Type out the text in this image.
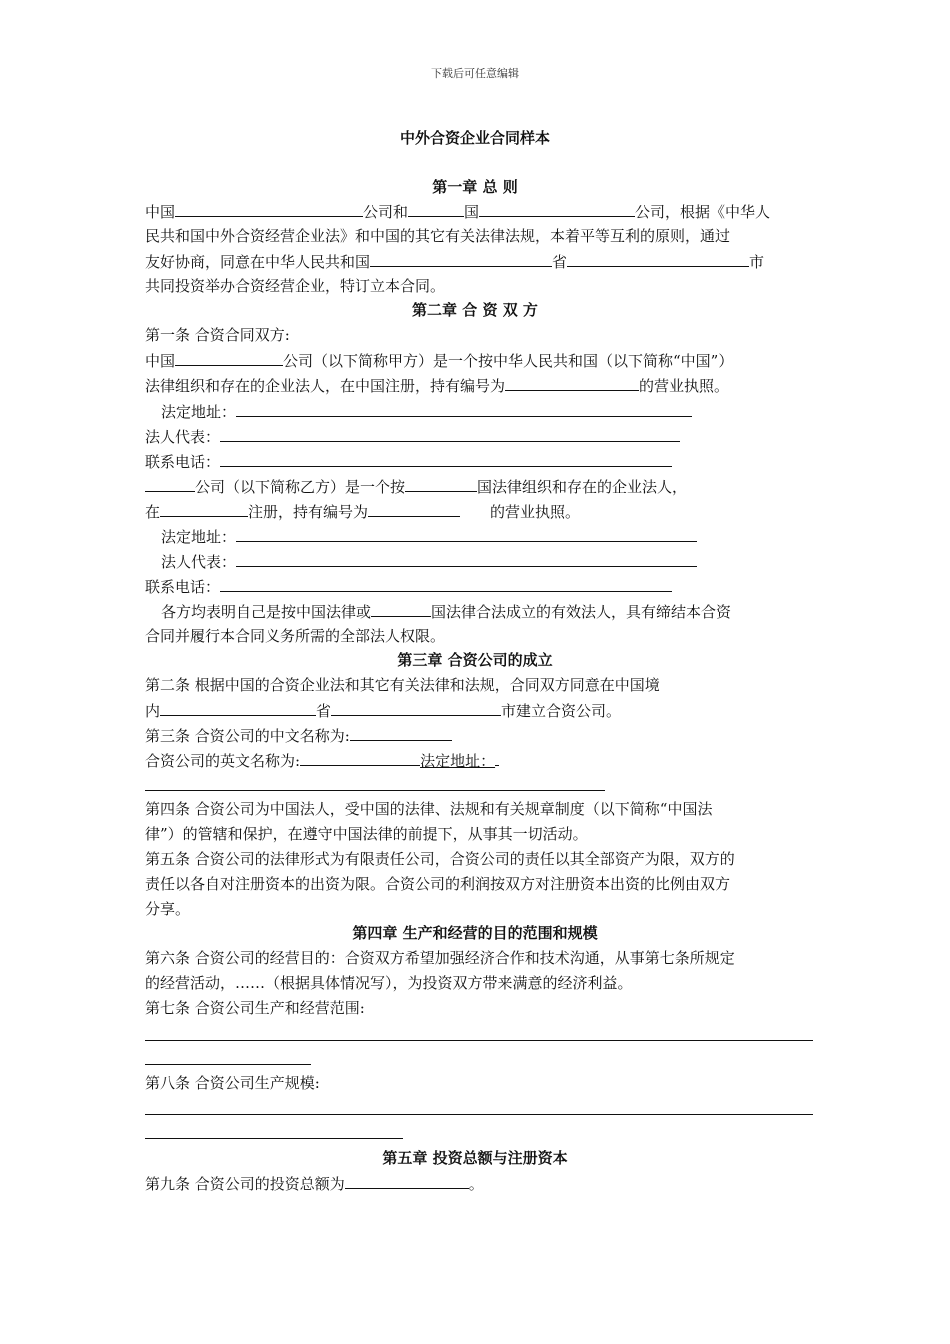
下载后可任意编辑
中外合资企业合同样本
第一章 总 则
中国	公司和	国	公司，根据《中华人
民共和国中外合资经营企业法》和中国的其它有关法律法规，本着平等互利的原则，通过
友好协商，同意在中华人民共和国	省	市
共同投资举办合资经营企业，特订立本合同。
第二章 合 资 双 方
第一条 合资合同双方:
中国	公司（以下简称甲方）是一个按中华人民共和国（以下简称“中国”）
法律组织和存在的企业法人，在中国注册，持有编号为	的营业执照。
法定地址：
法人代表：
联系电话：
公司（以下简称乙方）是一个按	国法律组织和存在的企业法人，
在	注册，持有编号为	的营业执照。
法定地址：
法人代表：
联系电话：
各方均表明自己是按中国法律或	国法律合法成立的有效法人，具有缔结本合资
合同并履行本合同义务所需的全部法人权限。
第三章 合资公司的成立
第二条 根据中国的合资企业法和其它有关法律和法规，合同双方同意在中国境
内	省	市建立合资公司。
第三条 合资公司的中文名称为:
合资公司的英文名称为:	法定地址：
第四条 合资公司为中国法人，受中国的法律、法规和有关规章制度（以下简称“中国法
律”）的管辖和保护，在遵守中国法律的前提下，从事其一切活动。
第五条 合资公司的法律形式为有限责任公司，合资公司的责任以其全部资产为限，双方的
责任以各自对注册资本的出资为限。合资公司的利润按双方对注册资本出资的比例由双方
分享。
第四章 生产和经营的目的范围和规模
第六条 合资公司的经营目的：合资双方希望加强经济合作和技术沟通，从事第七条所规定
的经营活动，……（根据具体情况写），为投资双方带来满意的经济利益。
第七条 合资公司生产和经营范围:
第八条 合资公司生产规模:
第五章 投资总额与注册资本
第九条 合资公司的投资总额为	。
